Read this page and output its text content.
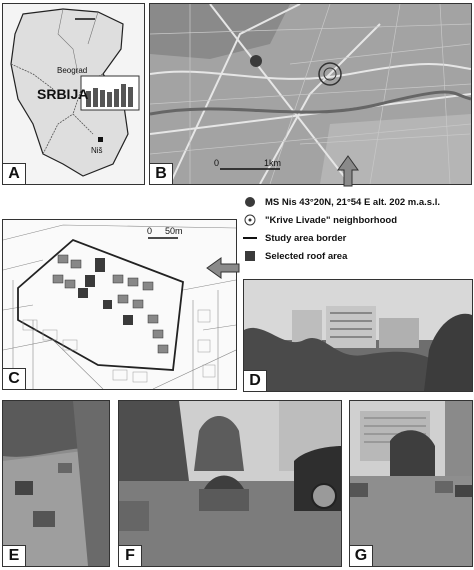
SRBIJA
Beograd
Niš
A
0	1km
B
MS Nis 43°20N, 21°54 E alt. 202 m.a.s.l.
"Krive Livade" neighborhood
Study area border
Selected roof area
0 50m
C	D
E	F	G
